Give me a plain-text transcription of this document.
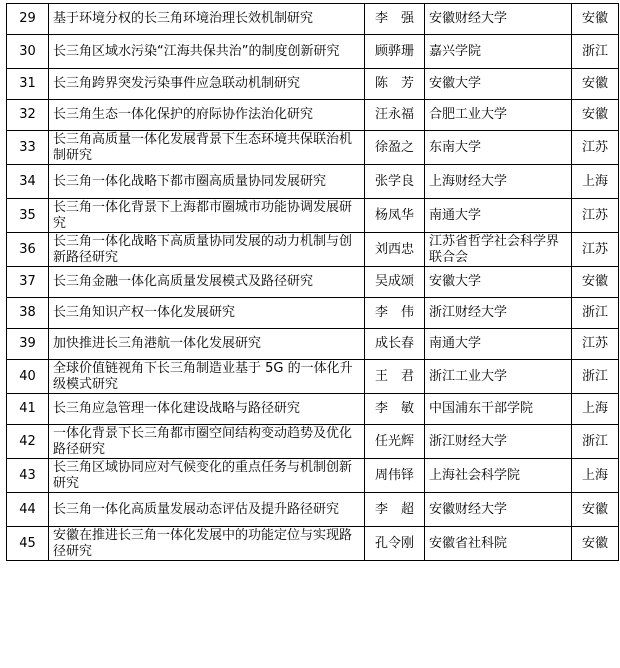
29	基于环境分权的长三角环境治理长效机制研究	李　强	安徽财经大学	安徽
30	长三角区域水污染“江海共保共治”的制度创新研究	顾骅珊	嘉兴学院	浙江
31	长三角跨界突发污染事件应急联动机制研究	陈　芳	安徽大学	安徽
32	长三角生态一体化保护的府际协作法治化研究	汪永福	合肥工业大学	安徽
33	长三角高质量一体化发展背景下生态环境共保联治机制研究	徐盈之	东南大学	江苏
34	长三角一体化战略下都市圈高质量协同发展研究	张学良	上海财经大学	上海
35	长三角一体化背景下上海都市圈城市功能协调发展研究	杨凤华	南通大学	江苏
36	长三角一体化战略下高质量协同发展的动力机制与创新路径研究	刘西忠	江苏省哲学社会科学界联合会	江苏
37	长三角金融一体化高质量发展模式及路径研究	吴成颂	安徽大学	安徽
38	长三角知识产权一体化发展研究	李　伟	浙江财经大学	浙江
39	加快推进长三角港航一体化发展研究	成长春	南通大学	江苏
40	全球价值链视角下长三角制造业基于 5G 的一体化升级模式研究	王　君	浙江工业大学	浙江
41	长三角应急管理一体化建设战略与路径研究	李　敏	中国浦东干部学院	上海
42	一体化背景下长三角都市圈空间结构变动趋势及优化路径研究	任光辉	浙江财经大学	浙江
43	长三角区域协同应对气候变化的重点任务与机制创新研究	周伟铎	上海社会科学院	上海
44	长三角一体化高质量发展动态评估及提升路径研究	李　超	安徽财经大学	安徽
45	安徽在推进长三角一体化发展中的功能定位与实现路径研究	孔令刚	安徽省社科院	安徽
